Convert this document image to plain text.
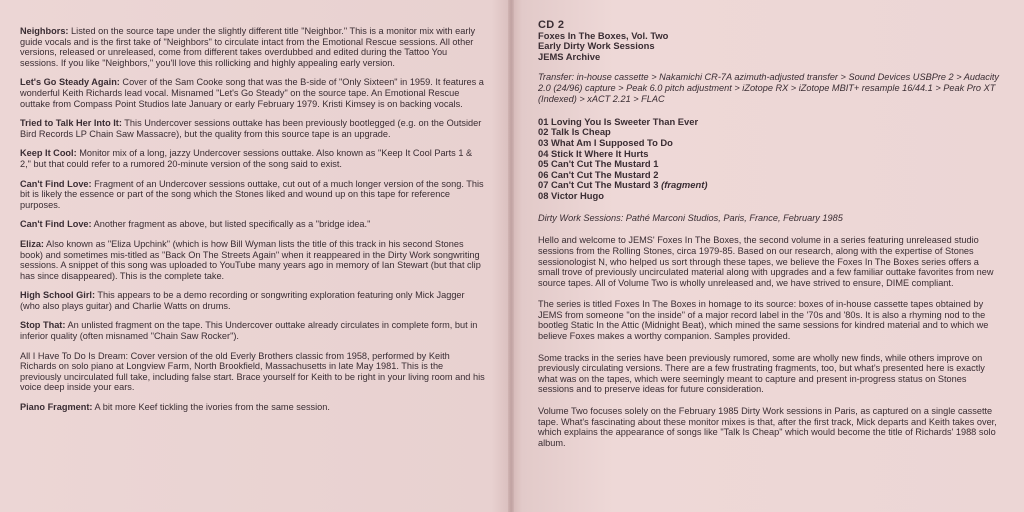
Neighbors: Listed on the source tape under the slightly different title "Neighbor." This is a monitor mix with early guide vocals and is the first take of "Neighbors" to circulate intact from the Emotional Rescue sessions. All other versions, released or unreleased, come from different takes overdubbed and edited during the Tattoo You sessions. If you like "Neighbors," you'll love this rollicking and highly appealing early version.

Let's Go Steady Again: Cover of the Sam Cooke song that was the B-side of "Only Sixteen" in 1959. It features a wonderful Keith Richards lead vocal. Misnamed "Let's Go Steady" on the source tape. An Emotional Rescue outtake from Compass Point Studios late January or early February 1979. Kristi Kimsey is on backing vocals.

Tried to Talk Her Into It: This Undercover sessions outtake has been previously bootlegged (e.g. on the Outsider Bird Records LP Chain Saw Massacre), but the quality from this source tape is an upgrade.

Keep It Cool: Monitor mix of a long, jazzy Undercover sessions outtake. Also known as "Keep It Cool Parts 1 & 2," but that could refer to a rumored 20-minute version of the song said to exist.

Can't Find Love: Fragment of an Undercover sessions outtake, cut out of a much longer version of the song. This bit is likely the essence or part of the song which the Stones liked and wound up on this tape for reference purposes.

Can't Find Love: Another fragment as above, but listed specifically as a "bridge idea."

Eliza: Also known as "Eliza Upchink" (which is how Bill Wyman lists the title of this track in his second Stones book) and sometimes mis-titled as "Back On The Streets Again" when it reappeared in the Dirty Work songwriting sessions. A snippet of this song was uploaded to YouTube many years ago in memory of Ian Stewart (but that clip has since disappeared). This is the complete take.

High School Girl: This appears to be a demo recording or songwriting exploration featuring only Mick Jagger (who also plays guitar) and Charlie Watts on drums.

Stop That: An unlisted fragment on the tape. This Undercover outtake already circulates in complete form, but in inferior quality (often misnamed "Chain Saw Rocker").

All I Have To Do Is Dream: Cover version of the old Everly Brothers classic from 1958, performed by Keith Richards on solo piano at Longview Farm, North Brookfield, Massachusetts in late May 1981. This is the previously uncirculated full take, including false start. Brace yourself for Keith to be right in your living room and his voice deep inside your ears.

Piano Fragment: A bit more Keef tickling the ivories from the same session.

CD 2

Foxes In The Boxes, Vol. Two

Early Dirty Work Sessions

JEMS Archive

Transfer: in-house cassette > Nakamichi CR-7A azimuth-adjusted transfer > Sound Devices USBPre 2 > Audacity 2.0 (24/96) capture > Peak 6.0 pitch adjustment > iZotope RX > iZotope MBIT+ resample 16/44.1 > Peak Pro XT (Indexed) > xACT 2.21 > FLAC

01 Loving You Is Sweeter Than Ever
02 Talk Is Cheap
03 What Am I Supposed To Do
04 Stick It Where It Hurts
05 Can't Cut The Mustard 1
06 Can't Cut The Mustard 2
07 Can't Cut The Mustard 3 (fragment)
08 Victor Hugo

Dirty Work Sessions: Pathé Marconi Studios, Paris, France, February 1985

Hello and welcome to JEMS' Foxes In The Boxes, the second volume in a series featuring unreleased studio sessions from the Rolling Stones, circa 1979-85. Based on our research, along with the expertise of Stones sessionologist N, who helped us sort through these tapes, we believe the Foxes In The Boxes series offers a small trove of previously uncirculated material along with upgrades and a few familiar outtake favorites from new source tapes. All of Volume Two is wholly unreleased and, we have strived to ensure, DIME compliant.

The series is titled Foxes In The Boxes in homage to its source: boxes of in-house cassette tapes obtained by JEMS from someone "on the inside" of a major record label in the '70s and '80s. It is also a rhyming nod to the bootleg Static In the Attic (Midnight Beat), which mined the same sessions for kindred material and to which we believe Foxes makes a worthy companion. Samples provided.

Some tracks in the series have been previously rumored, some are wholly new finds, while others improve on previously circulating versions. There are a few frustrating fragments, too, but what's presented here is exactly what was on the tapes, which were seemingly meant to capture and present in-progress status on Stones sessions and to preserve ideas for future consideration.

Volume Two focuses solely on the February 1985 Dirty Work sessions in Paris, as captured on a single cassette tape. What's fascinating about these monitor mixes is that, after the first track, Mick departs and Keith takes over, which explains the appearance of songs like "Talk Is Cheap" which would become the title of Richards' 1988 solo album.
